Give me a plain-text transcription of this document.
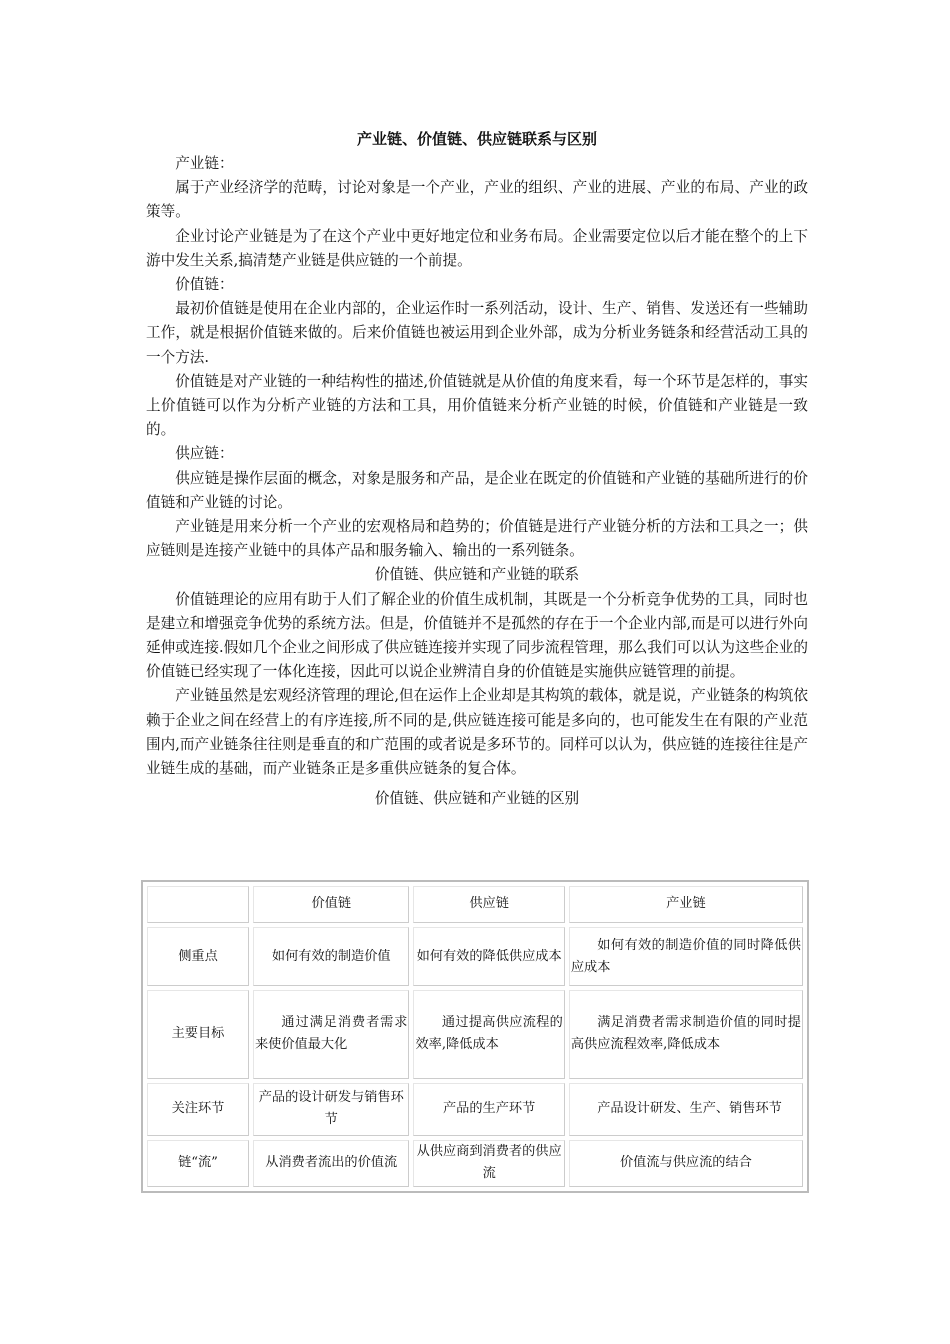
产业链、价值链、供应链联系与区别

产业链：

属于产业经济学的范畴，讨论对象是一个产业，产业的组织、产业的进展、产业的布局、产业的政策等。

企业讨论产业链是为了在这个产业中更好地定位和业务布局。企业需要定位以后才能在整个的上下游中发生关系,搞清楚产业链是供应链的一个前提。

价值链：

最初价值链是使用在企业内部的，企业运作时一系列活动，设计、生产、销售、发送还有一些辅助工作，就是根据价值链来做的。后来价值链也被运用到企业外部，成为分析业务链条和经营活动工具的一个方法.

价值链是对产业链的一种结构性的描述,价值链就是从价值的角度来看，每一个环节是怎样的，事实上价值链可以作为分析产业链的方法和工具，用价值链来分析产业链的时候，价值链和产业链是一致的。

供应链：

供应链是操作层面的概念，对象是服务和产品，是企业在既定的价值链和产业链的基础所进行的价值链和产业链的讨论。

产业链是用来分析一个产业的宏观格局和趋势的；价值链是进行产业链分析的方法和工具之一；供应链则是连接产业链中的具体产品和服务输入、输出的一系列链条。

价值链、供应链和产业链的联系

价值链理论的应用有助于人们了解企业的价值生成机制，其既是一个分析竞争优势的工具，同时也是建立和增强竞争优势的系统方法。但是，价值链并不是孤然的存在于一个企业内部,而是可以进行外向延伸或连接.假如几个企业之间形成了供应链连接并实现了同步流程管理，那么我们可以认为这些企业的价值链已经实现了一体化连接，因此可以说企业辨清自身的价值链是实施供应链管理的前提。

产业链虽然是宏观经济管理的理论,但在运作上企业却是其构筑的载体，就是说，产业链条的构筑依赖于企业之间在经营上的有序连接,所不同的是,供应链连接可能是多向的，也可能发生在有限的产业范围内,而产业链条往往则是垂直的和广范围的或者说是多环节的。同样可以认为，供应链的连接往往是产业链生成的基础，而产业链条正是多重供应链条的复合体。

价值链、供应链和产业链的区别
	价值链	供应链	产业链
侧重点	如何有效的制造价值	如何有效的降低供应成本	如何有效的制造价值的同时降低供应成本
主要目标	通过满足消费者需求来使价值最大化	通过提高供应流程的效率,降低成本	满足消费者需求制造价值的同时提高供应流程效率,降低成本
关注环节	产品的设计研发与销售环节	产品的生产环节	产品设计研发、生产、销售环节
链“流”	从消费者流出的价值流	从供应商到消费者的供应流	价值流与供应流的结合
